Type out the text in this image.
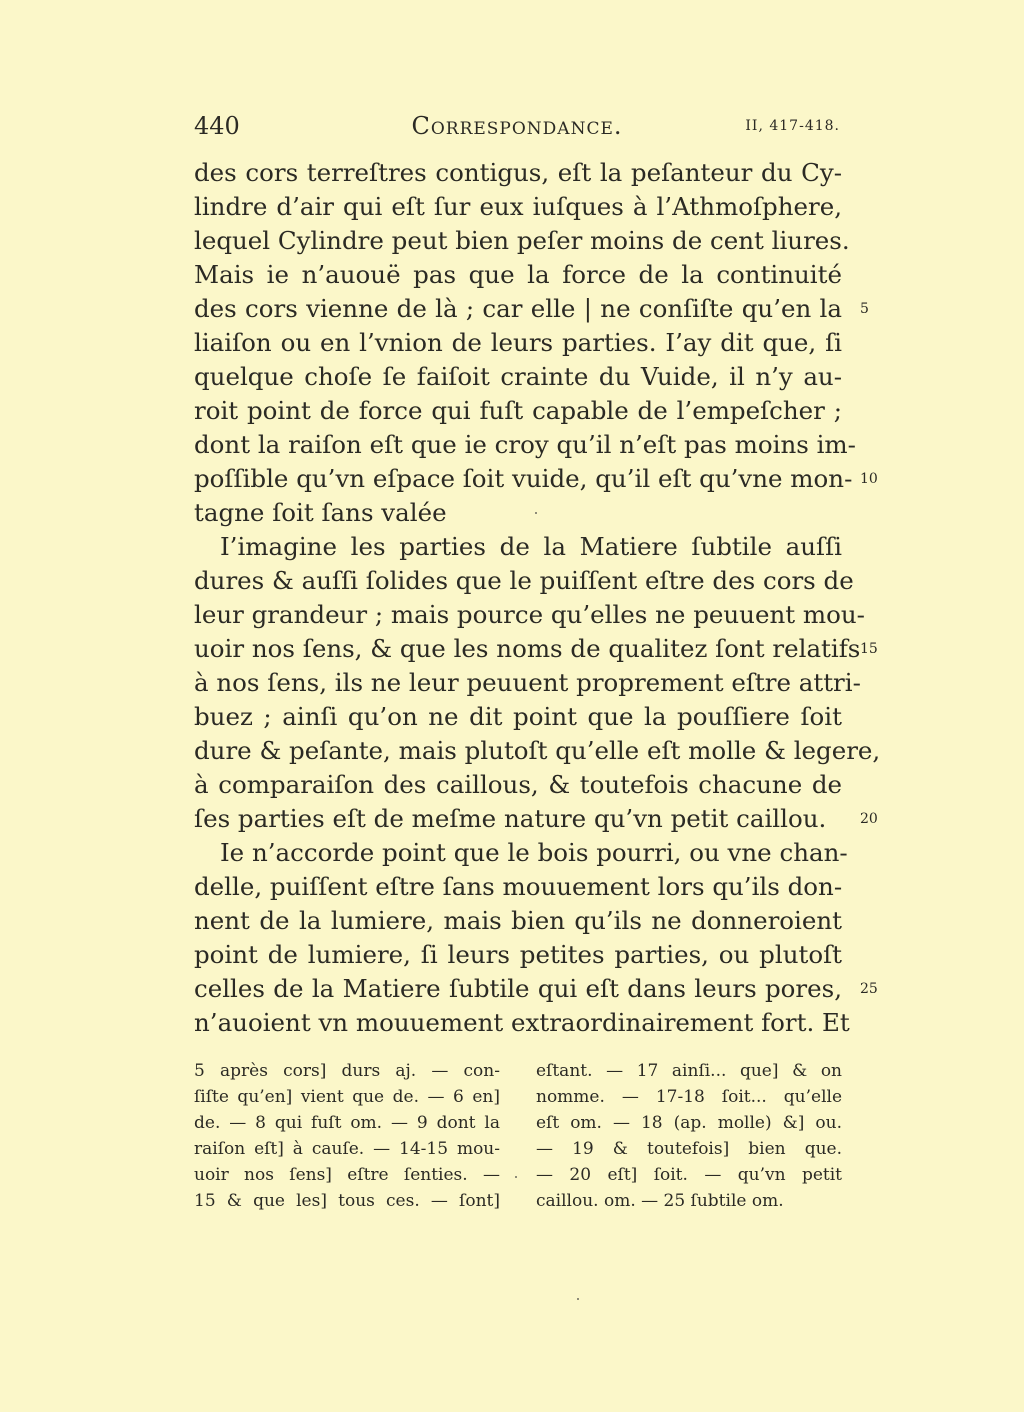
440	Correspondance.	II, 417-418.
des cors terreſtres contigus, eſt la peſanteur du Cy-
lindre d’air qui eſt ſur eux iuſques à l’Athmoſphere,
lequel Cylindre peut bien peſer moins de cent liures.
Mais ie n’auouë pas que la force de la continuité
des cors vienne de là ; car elle | ne conſiſte qu’en la
liaiſon ou en l’vnion de leurs parties. I’ay dit que, ſi
quelque choſe ſe faiſoit crainte du Vuide, il n’y au-
roit point de force qui fuſt capable de l’empeſcher ;
dont la raiſon eſt que ie croy qu’il n’eſt pas moins im-
poſſible qu’vn eſpace ſoit vuide, qu’il eſt qu’vne mon-
tagne ſoit ſans valée
I’imagine les parties de la Matiere ſubtile auſſi
dures & auſſi ſolides que le puiſſent eſtre des cors de
leur grandeur ; mais pource qu’elles ne peuuent mou-
uoir nos ſens, & que les noms de qualitez ſont relatifs
à nos ſens, ils ne leur peuuent proprement eſtre attri-
buez ; ainſi qu’on ne dit point que la pouſſiere ſoit
dure & peſante, mais plutoſt qu’elle eſt molle & legere,
à comparaiſon des caillous, & toutefois chacune de
ſes parties eſt de meſme nature qu’vn petit caillou.
Ie n’accorde point que le bois pourri, ou vne chan-
delle, puiſſent eſtre ſans mouuement lors qu’ils don-
nent de la lumiere, mais bien qu’ils ne donneroient
point de lumiere, ſi leurs petites parties, ou plutoſt
celles de la Matiere ſubtile qui eſt dans leurs pores,
n’auoient vn mouuement extraordinairement fort. Et
5
10
15
20
25
5 après cors] durs aj. — con-
ſiſte qu’en] vient que de. — 6 en]
de. — 8 qui fuſt om. — 9 dont la
raiſon eſt] à cauſe. — 14-15 mou-
uoir nos ſens] eſtre ſenties. —
15 & que les] tous ces. — ſont]
eſtant. — 17 ainſi... que] & on
nomme. — 17-18 ſoit... qu’elle
eſt om. — 18 (ap. molle) &] ou.
— 19 & toutefois] bien que.
— 20 eſt] ſoit. — qu’vn petit
caillou. om. — 25 ſubtile om.
